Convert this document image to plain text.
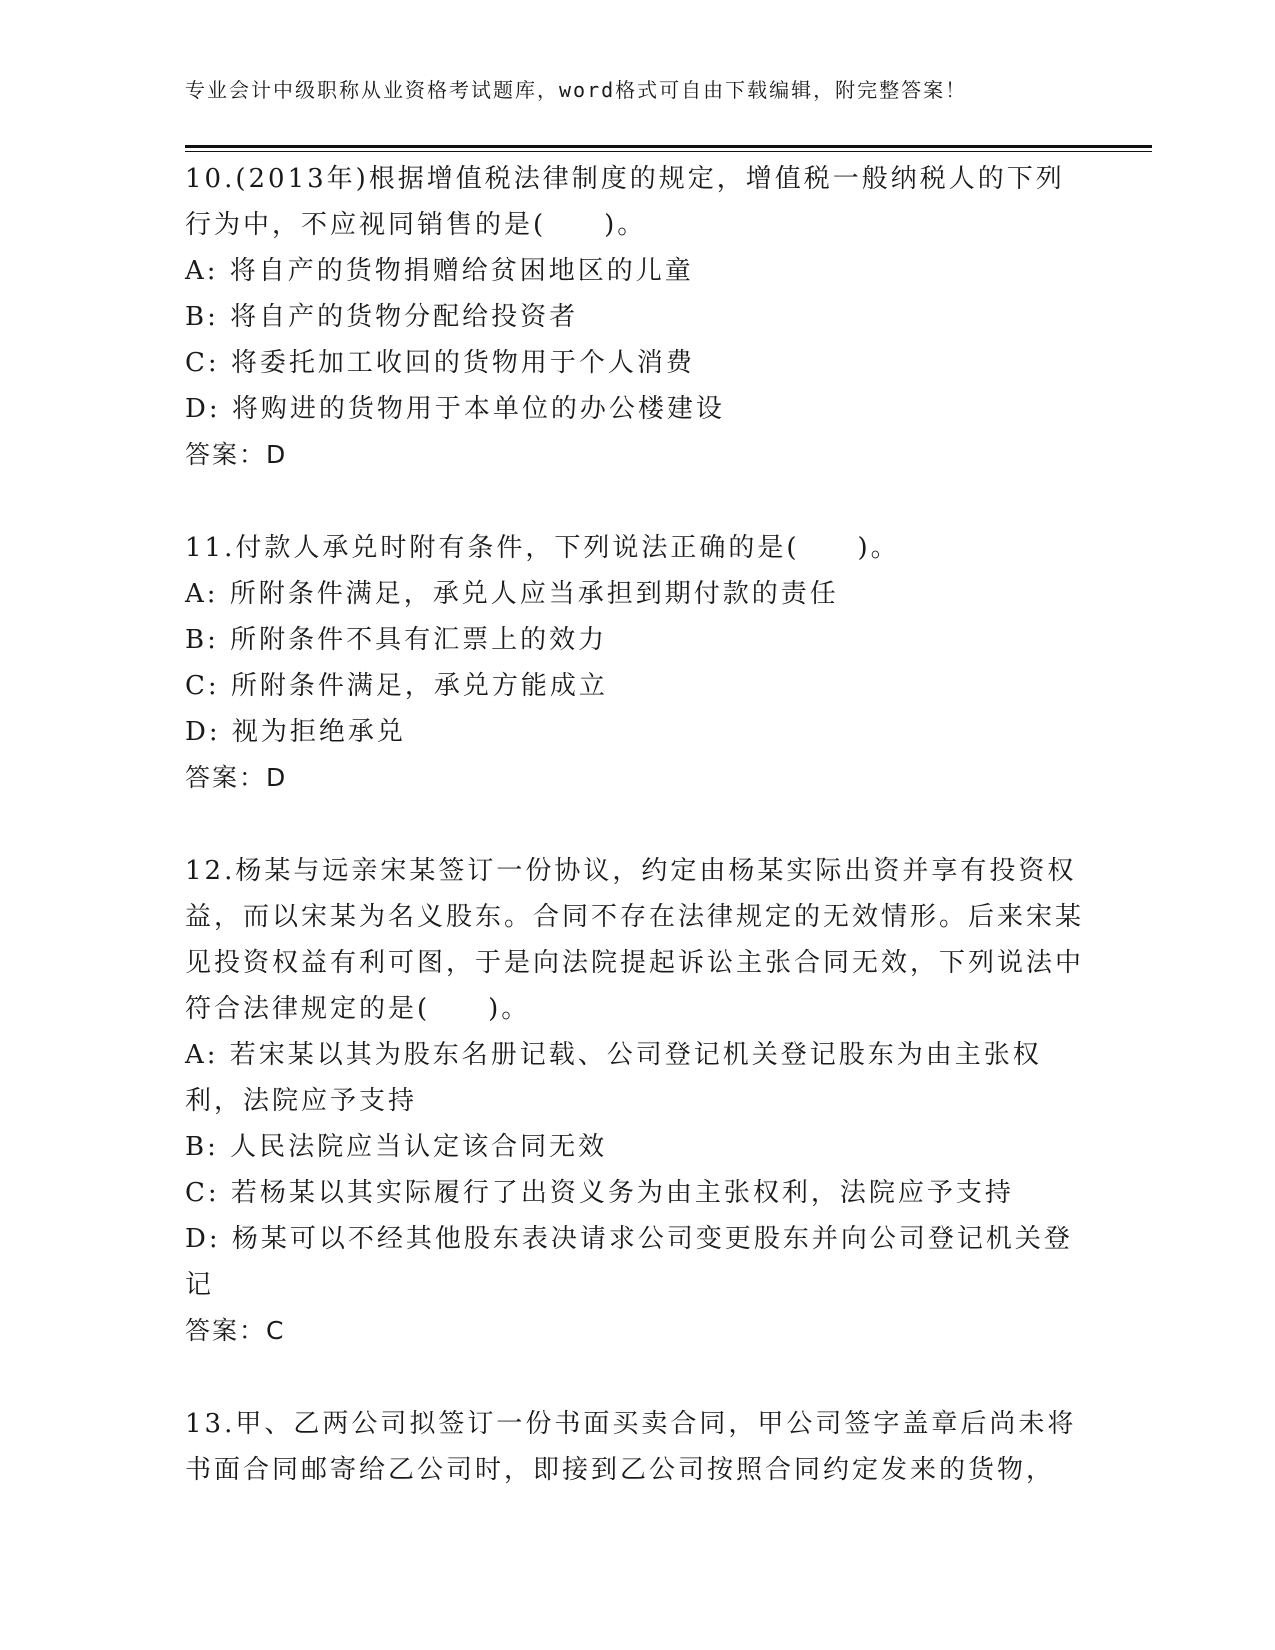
专业会计中级职称从业资格考试题库，word格式可自由下载编辑，附完整答案！
10.(2013年)根据增值税法律制度的规定，增值税一般纳税人的下列行为中，不应视同销售的是(　　)。
A: 将自产的货物捐赠给贫困地区的儿童
B: 将自产的货物分配给投资者
C: 将委托加工收回的货物用于个人消费
D: 将购进的货物用于本单位的办公楼建设
答案：D
11.付款人承兑时附有条件，下列说法正确的是(　　)。
A: 所附条件满足，承兑人应当承担到期付款的责任
B: 所附条件不具有汇票上的效力
C: 所附条件满足，承兑方能成立
D: 视为拒绝承兑
答案：D
12.杨某与远亲宋某签订一份协议，约定由杨某实际出资并享有投资权益，而以宋某为名义股东。合同不存在法律规定的无效情形。后来宋某见投资权益有利可图，于是向法院提起诉讼主张合同无效，下列说法中符合法律规定的是(　　)。
A: 若宋某以其为股东名册记载、公司登记机关登记股东为由主张权利，法院应予支持
B: 人民法院应当认定该合同无效
C: 若杨某以其实际履行了出资义务为由主张权利，法院应予支持
D: 杨某可以不经其他股东表决请求公司变更股东并向公司登记机关登记
答案：C
13.甲、乙两公司拟签订一份书面买卖合同，甲公司签字盖章后尚未将书面合同邮寄给乙公司时，即接到乙公司按照合同约定发来的货物，
